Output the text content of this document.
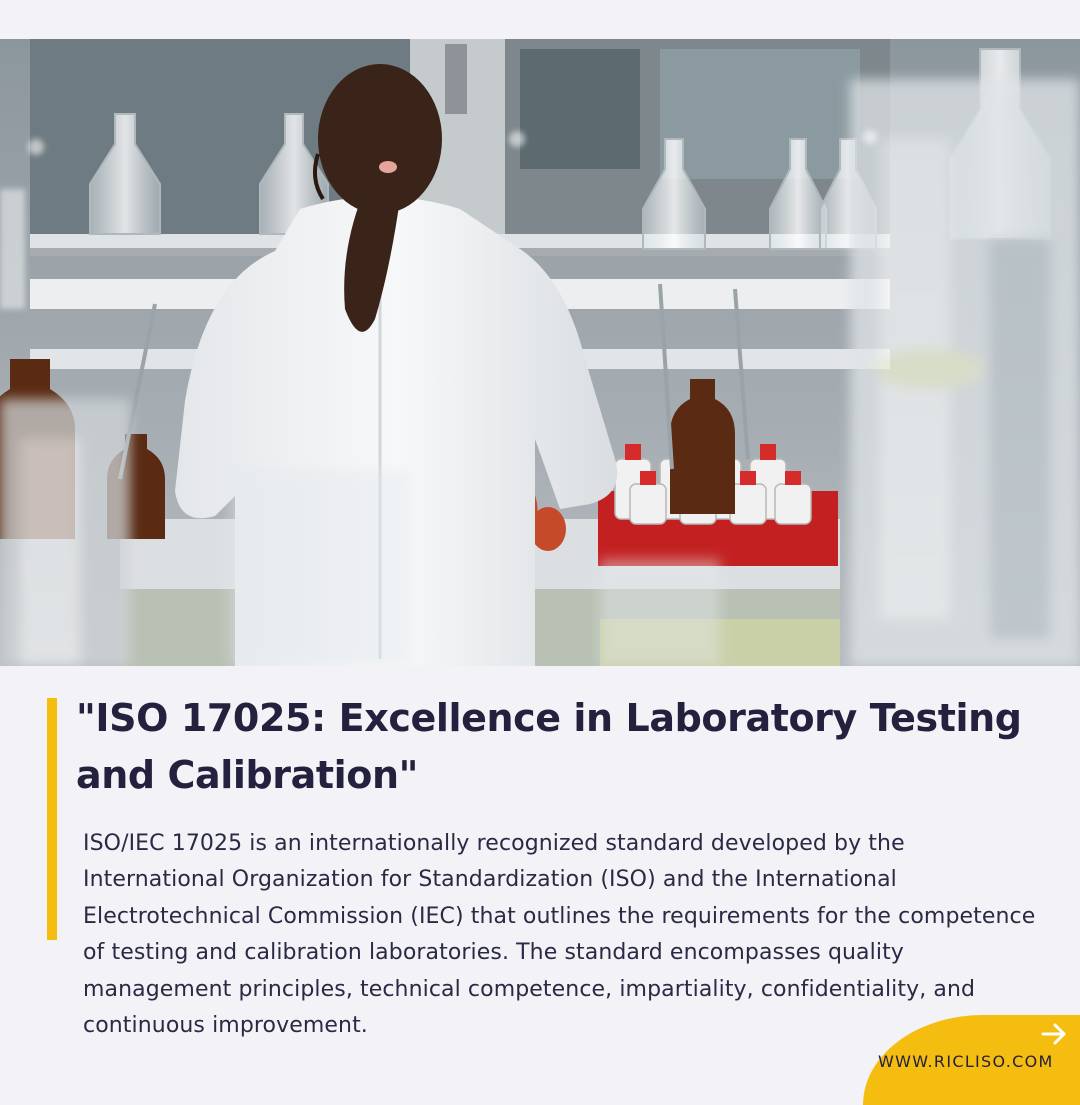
"ISO 17025: Excellence in Laboratory Testing and Calibration"

ISO/IEC 17025 is an internationally recognized standard developed by the International Organization for Standardization (ISO) and the International Electrotechnical Commission (IEC) that outlines the requirements for the competence of testing and calibration laboratories. The standard encompasses quality management principles, technical competence, impartiality, confidentiality, and continuous improvement.

WWW.RICLISO.COM
